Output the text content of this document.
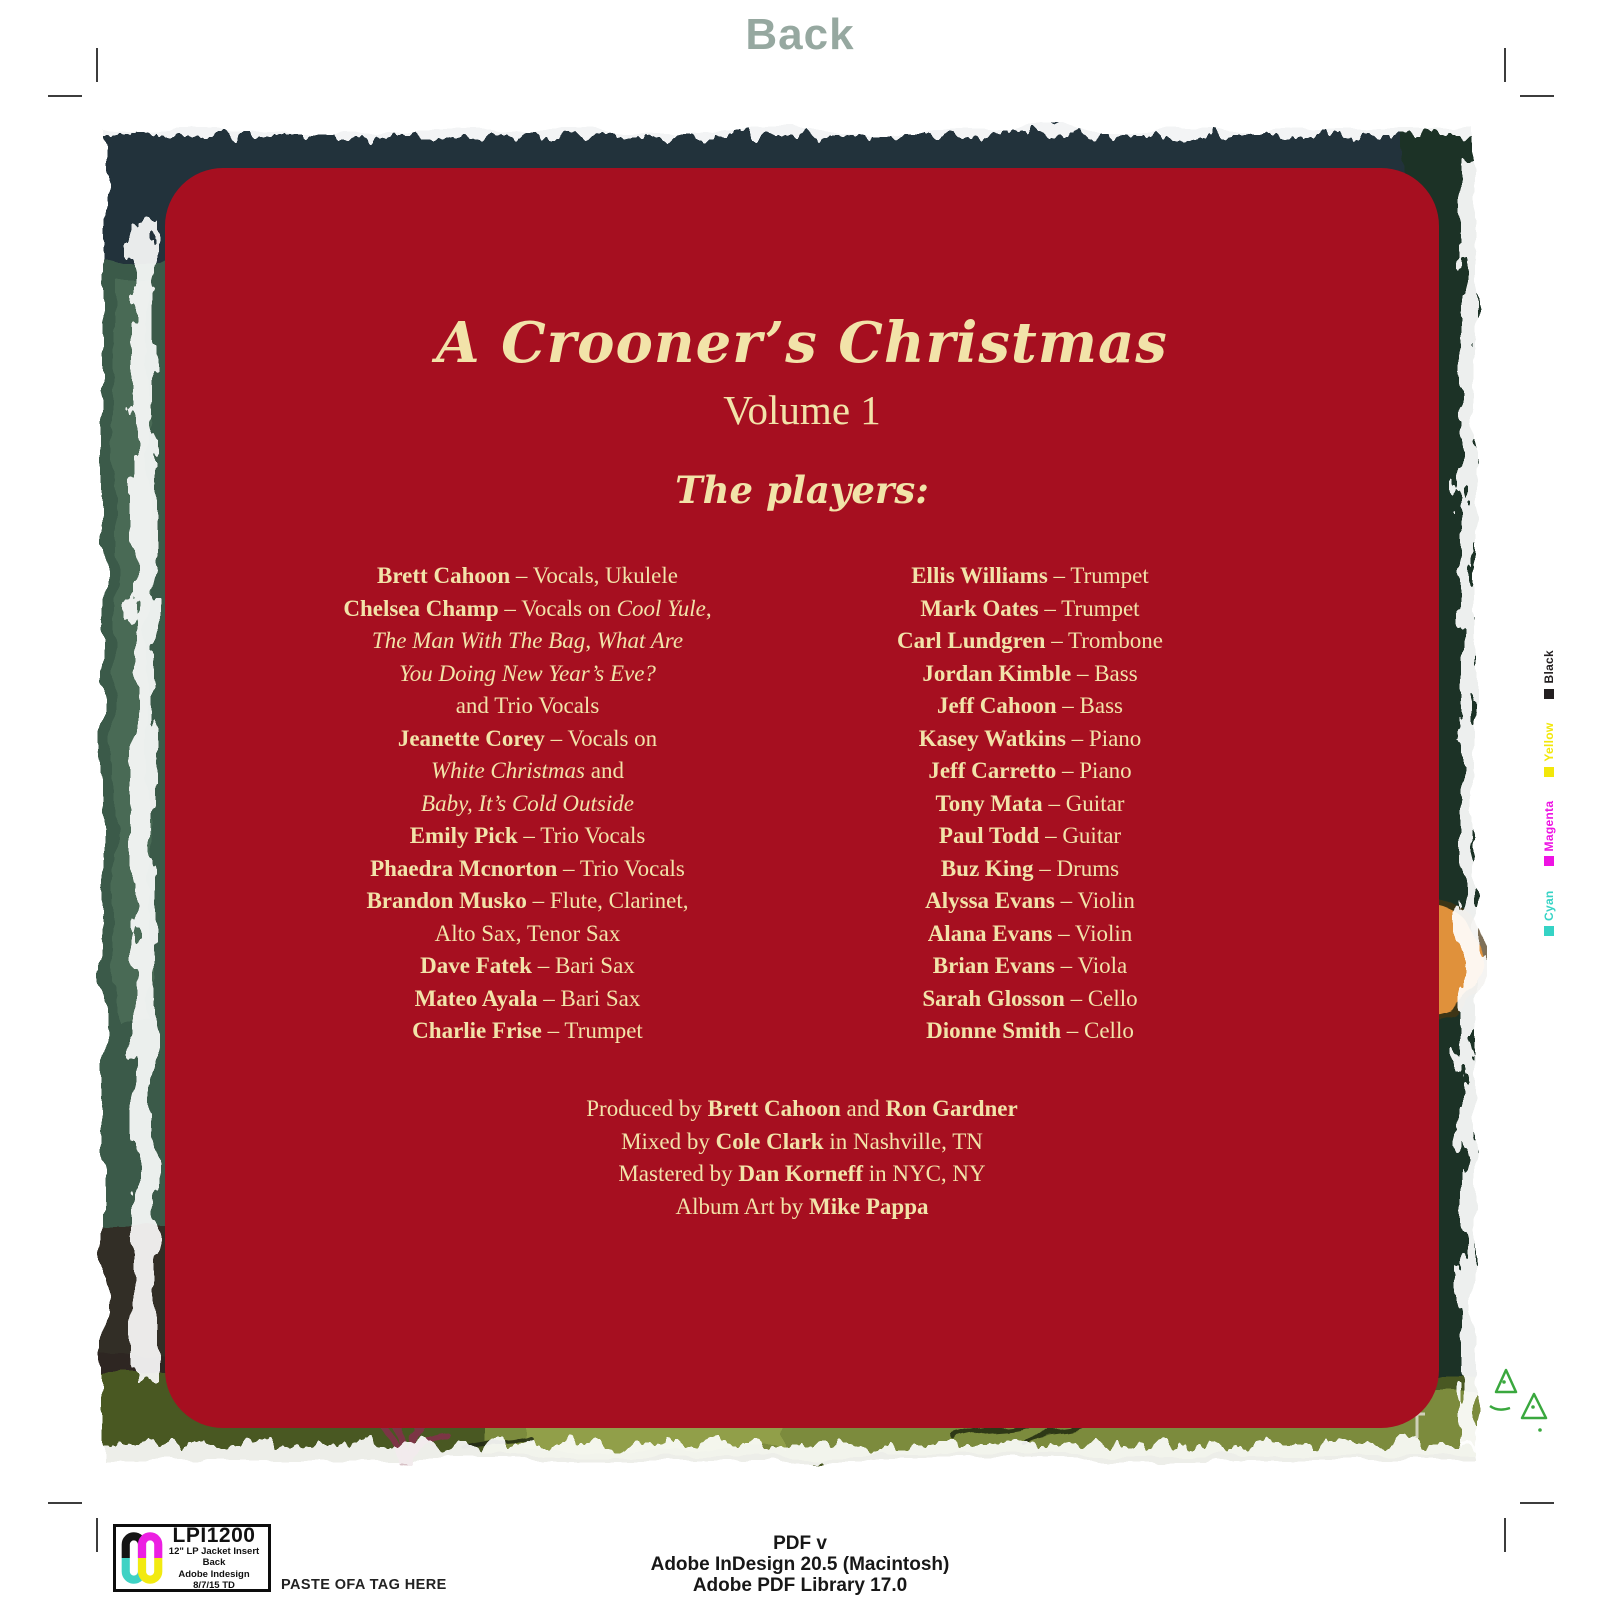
Back
A Crooner’s Christmas
Volume 1
The players:
Brett Cahoon – Vocals, Ukulele
Chelsea Champ – Vocals on Cool Yule,
The Man With The Bag, What Are
You Doing New Year’s Eve?
and Trio Vocals
Jeanette Corey – Vocals on
White Christmas and
Baby, It’s Cold Outside
Emily Pick – Trio Vocals
Phaedra Mcnorton – Trio Vocals
Brandon Musko – Flute, Clarinet,
Alto Sax, Tenor Sax
Dave Fatek – Bari Sax
Mateo Ayala – Bari Sax
Charlie Frise – Trumpet
Ellis Williams – Trumpet
Mark Oates – Trumpet
Carl Lundgren – Trombone
Jordan Kimble – Bass
Jeff Cahoon – Bass
Kasey Watkins – Piano
Jeff Carretto – Piano
Tony Mata – Guitar
Paul Todd – Guitar
Buz King – Drums
Alyssa Evans – Violin
Alana Evans – Violin
Brian Evans – Viola
Sarah Glosson – Cello
Dionne Smith – Cello
Produced by Brett Cahoon and Ron Gardner
Mixed by Cole Clark in Nashville, TN
Mastered by Dan Korneff in NYC, NY
Album Art by Mike Pappa
LPI1200
12" LP Jacket Insert
Back
Adobe Indesign
8/7/15 TD	PASTE OFA TAG HERE
PDF v
Adobe InDesign 20.5 (Macintosh)
Adobe PDF Library 17.0
Cyan
Magenta
Yellow
Black
